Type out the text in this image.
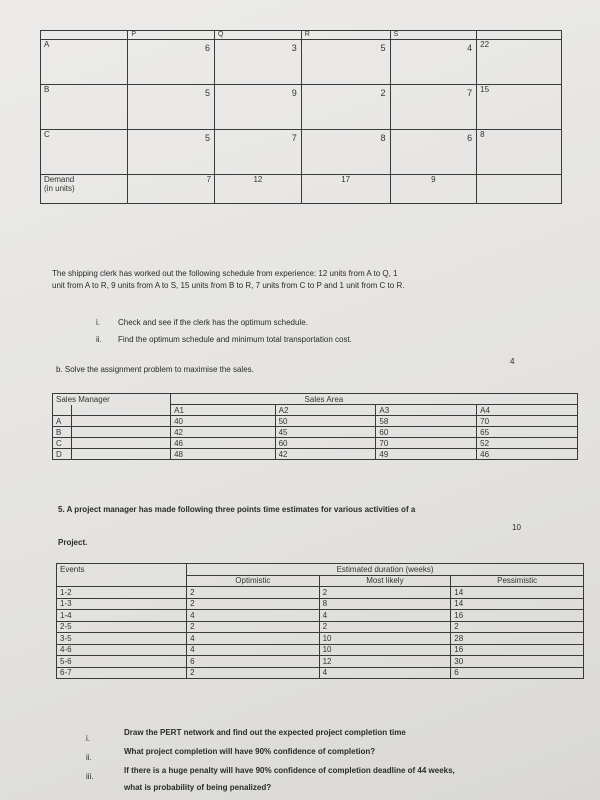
	P	Q	R	S	
A	6	3	5	4	22
B	5	9	2	7	15
C	5	7	8	6	8
Demand
(in units)	7	12	17	9	
The shipping clerk has worked out the following schedule from experience: 12 units from A to Q, 1
unit from A to R, 9 units from A to S, 15 units from B to R, 7 units from C to P and 1 unit from C to R.
i. Check and see if the clerk has the optimum schedule.
ii. Find the optimum schedule and minimum total transportation cost.
b. Solve the assignment problem to maximise the sales.
4
Sales Manager		Sales Area			
		A1	A2	A3	A4
A		40	50	58	70
B		42	45	60	65
C		46	60	70	52
D		48	42	49	46
5. A project manager has made following three points time estimates for various activities of a
Project.
10
Events	Estimated duration (weeks)		
	Optimistic	Most likely	Pessimistic
1-2	2	2	14
1-3	2	8	14
1-4	4	4	16
2-5	2	2	2
3-5	4	10	28
4-6	4	10	16
5-6	6	12	30
6-7	2	4	6
i.
Draw the PERT network and find out the expected project completion time
ii.
What project completion will have 90% confidence of completion?
iii.
If there is a huge penalty will have 90% confidence of completion deadline of 44 weeks,
what is probability of being penalized?
